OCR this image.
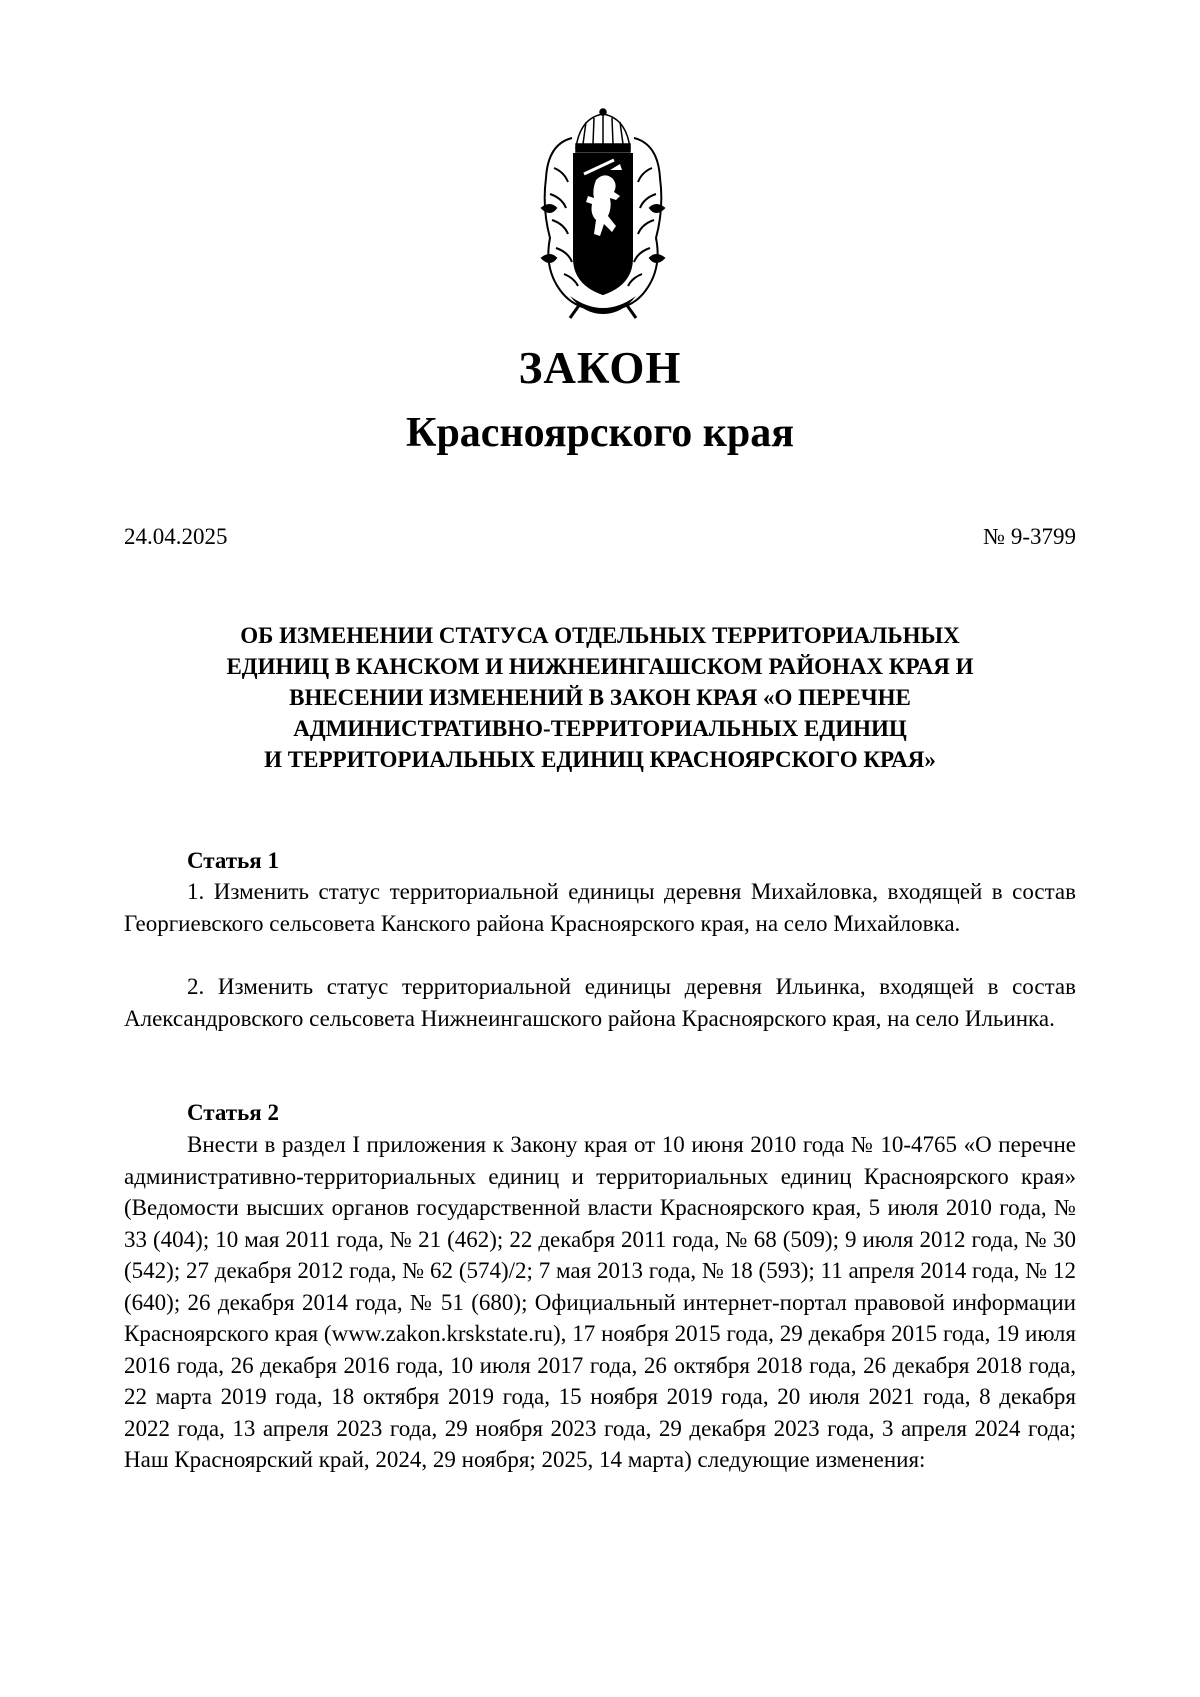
ЗАКОН
Красноярского края
24.04.2025	№ 9-3799
ОБ ИЗМЕНЕНИИ СТАТУСА ОТДЕЛЬНЫХ ТЕРРИТОРИАЛЬНЫХ
ЕДИНИЦ В КАНСКОМ И НИЖНЕИНГАШСКОМ РАЙОНАХ КРАЯ И
ВНЕСЕНИИ ИЗМЕНЕНИЙ В ЗАКОН КРАЯ «О ПЕРЕЧНЕ
АДМИНИСТРАТИВНО-ТЕРРИТОРИАЛЬНЫХ ЕДИНИЦ
И ТЕРРИТОРИАЛЬНЫХ ЕДИНИЦ КРАСНОЯРСКОГО КРАЯ»
Статья 1
1. Изменить статус территориальной единицы деревня Михайловка, входящей в состав Георгиевского сельсовета Канского района Красноярского края, на село Михайловка.
2. Изменить статус территориальной единицы деревня Ильинка, входящей в состав Александровского сельсовета Нижнеингашского района Красноярского края, на село Ильинка.
Статья 2
Внести в раздел I приложения к Закону края от 10 июня 2010 года № 10-4765 «О перечне административно-территориальных единиц и территориальных единиц Красноярского края» (Ведомости высших органов государственной власти Красноярского края, 5 июля 2010 года, № 33 (404); 10 мая 2011 года, № 21 (462); 22 декабря 2011 года, № 68 (509); 9 июля 2012 года, № 30 (542); 27 декабря 2012 года, № 62 (574)/2; 7 мая 2013 года, № 18 (593); 11 апреля 2014 года, № 12 (640); 26 декабря 2014 года, № 51 (680); Официальный интернет-портал правовой информации Красноярского края (www.zakon.krskstate.ru), 17 ноября 2015 года, 29 декабря 2015 года, 19 июля 2016 года, 26 декабря 2016 года, 10 июля 2017 года, 26 октября 2018 года, 26 декабря 2018 года, 22 марта 2019 года, 18 октября 2019 года, 15 ноября 2019 года, 20 июля 2021 года, 8 декабря 2022 года, 13 апреля 2023 года, 29 ноября 2023 года, 29 декабря 2023 года, 3 апреля 2024 года; Наш Красноярский край, 2024, 29 ноября; 2025, 14 марта) следующие изменения:
